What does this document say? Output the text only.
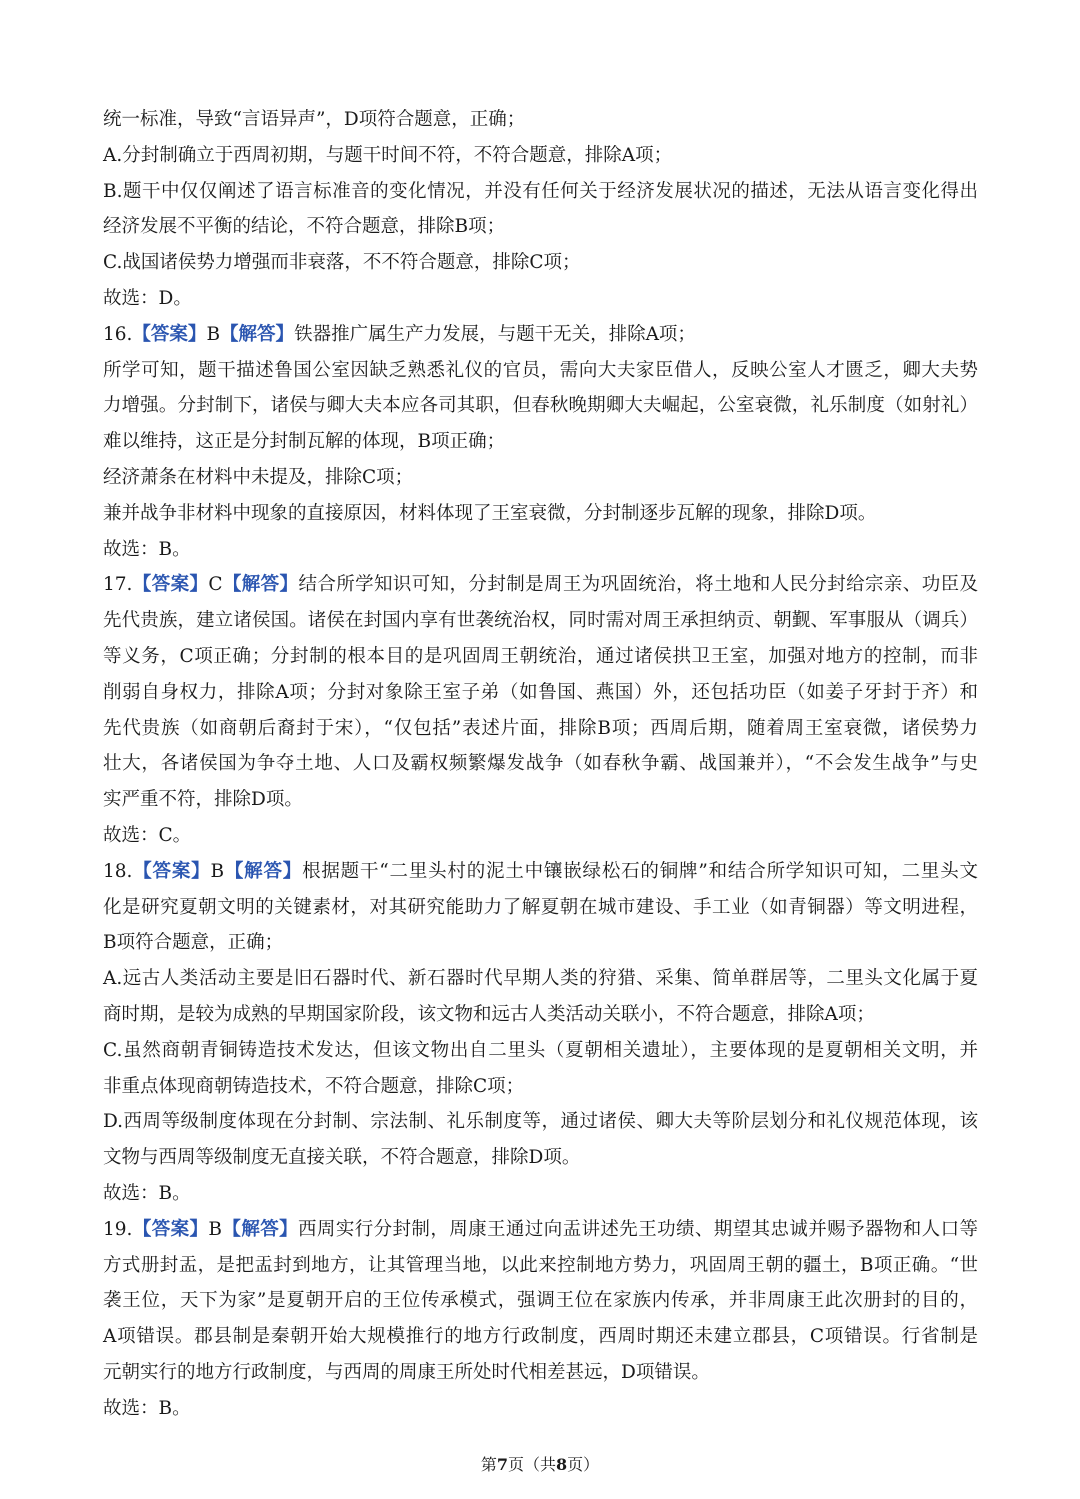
统一标准，导致“言语异声”，D项符合题意，正确；
A.分封制确立于西周初期，与题干时间不符，不符合题意，排除A项；
B.题干中仅仅阐述了语言标准音的变化情况，并没有任何关于经济发展状况的描述，无法从语言变化得出
经济发展不平衡的结论，不符合题意，排除B项；
C.战国诸侯势力增强而非衰落，不不符合题意，排除C项；
故选：D。
16.【答案】B【解答】铁器推广属生产力发展，与题干无关，排除A项；
所学可知，题干描述鲁国公室因缺乏熟悉礼仪的官员，需向大夫家臣借人，反映公室人才匮乏，卿大夫势
力增强。分封制下，诸侯与卿大夫本应各司其职，但春秋晚期卿大夫崛起，公室衰微，礼乐制度（如射礼）
难以维持，这正是分封制瓦解的体现，B项正确；
经济萧条在材料中未提及，排除C项；
兼并战争非材料中现象的直接原因，材料体现了王室衰微，分封制逐步瓦解的现象，排除D项。
故选：B。
17.【答案】C【解答】结合所学知识可知，分封制是周王为巩固统治，将土地和人民分封给宗亲、功臣及
先代贵族，建立诸侯国。诸侯在封国内享有世袭统治权，同时需对周王承担纳贡、朝觐、军事服从（调兵）
等义务，C项正确；分封制的根本目的是巩固周王朝统治，通过诸侯拱卫王室，加强对地方的控制，而非
削弱自身权力，排除A项；分封对象除王室子弟（如鲁国、燕国）外，还包括功臣（如姜子牙封于齐）和
先代贵族（如商朝后裔封于宋），“仅包括”表述片面，排除B项；西周后期，随着周王室衰微，诸侯势力
壮大，各诸侯国为争夺土地、人口及霸权频繁爆发战争（如春秋争霸、战国兼并），“不会发生战争”与史
实严重不符，排除D项。
故选：C。
18.【答案】B【解答】根据题干“二里头村的泥土中镶嵌绿松石的铜牌”和结合所学知识可知，二里头文
化是研究夏朝文明的关键素材，对其研究能助力了解夏朝在城市建设、手工业（如青铜器）等文明进程，
B项符合题意，正确；
A.远古人类活动主要是旧石器时代、新石器时代早期人类的狩猎、采集、简单群居等，二里头文化属于夏
商时期，是较为成熟的早期国家阶段，该文物和远古人类活动关联小，不符合题意，排除A项；
C.虽然商朝青铜铸造技术发达，但该文物出自二里头（夏朝相关遗址），主要体现的是夏朝相关文明，并
非重点体现商朝铸造技术，不符合题意，排除C项；
D.西周等级制度体现在分封制、宗法制、礼乐制度等，通过诸侯、卿大夫等阶层划分和礼仪规范体现，该
文物与西周等级制度无直接关联，不符合题意，排除D项。
故选：B。
19.【答案】B【解答】西周实行分封制，周康王通过向盂讲述先王功绩、期望其忠诚并赐予器物和人口等
方式册封盂，是把盂封到地方，让其管理当地，以此来控制地方势力，巩固周王朝的疆土，B项正确。“世
袭王位，天下为家”是夏朝开启的王位传承模式，强调王位在家族内传承，并非周康王此次册封的目的，
A项错误。郡县制是秦朝开始大规模推行的地方行政制度，西周时期还未建立郡县，C项错误。行省制是
元朝实行的地方行政制度，与西周的周康王所处时代相差甚远，D项错误。
故选：B。
第7页（共8页）
